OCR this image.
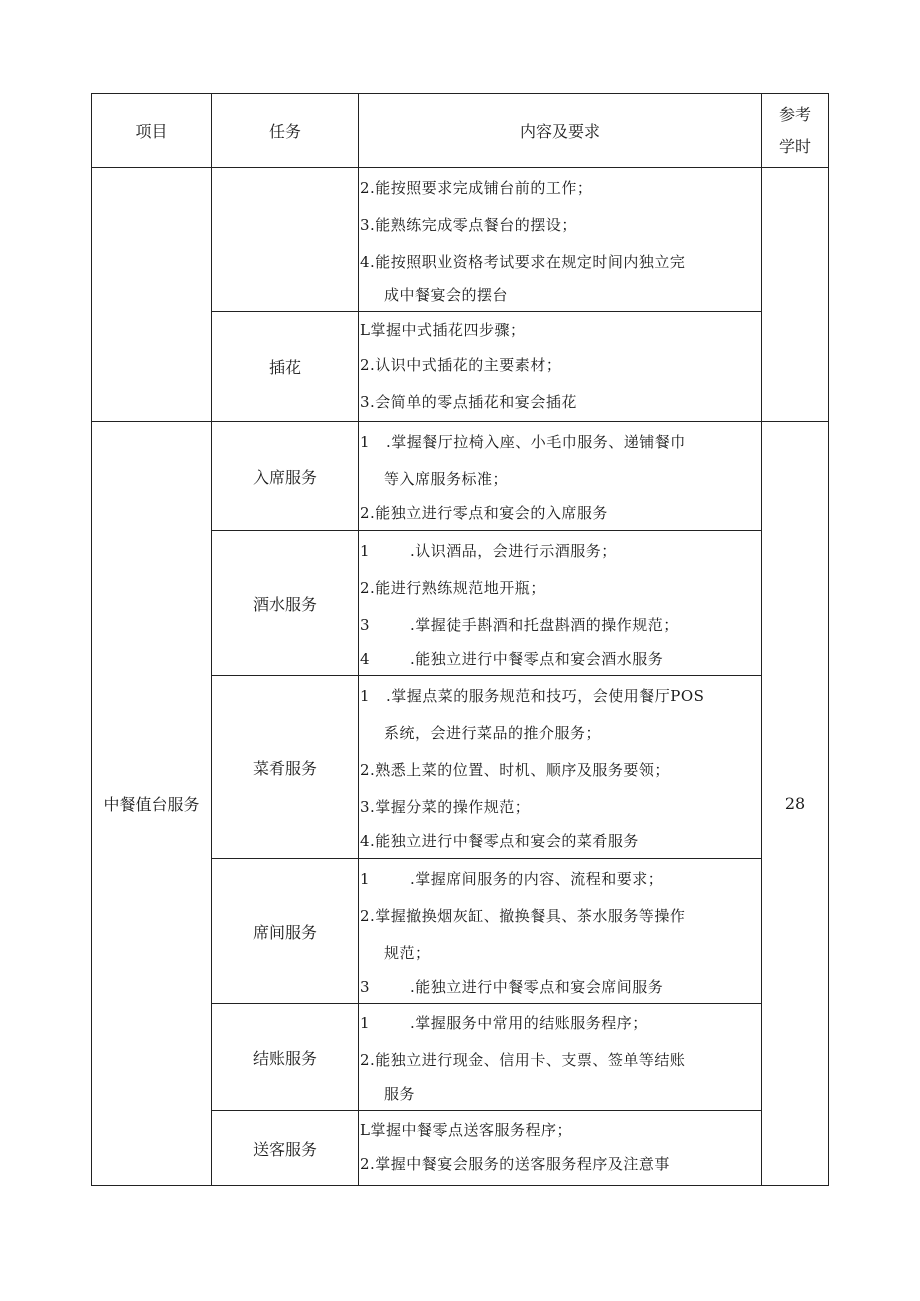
项目	任务	内容及要求	参考
学时

		2.能按照要求完成铺台前的工作；
3.能熟练完成零点餐台的摆设；
4.能按照职业资格考试要求在规定时间内独立完
成中餐宴会的摆台	

	插花	L掌握中式插花四步骤；
2.认识中式插花的主要素材；
3.会简单的零点插花和宴会插花	

中餐值台服务	入席服务	1 .掌握餐厅拉椅入座、小毛巾服务、递铺餐巾
等入席服务标准；
2.能独立进行零点和宴会的入席服务	28
	酒水服务	1 .认识酒品，会进行示酒服务；
2.能进行熟练规范地开瓶；
3 .掌握徒手斟酒和托盘斟酒的操作规范；
4 .能独立进行中餐零点和宴会酒水服务	

	菜肴服务	1 .掌握点菜的服务规范和技巧，会使用餐厅POS
系统，会进行菜品的推介服务；
2.熟悉上菜的位置、时机、顺序及服务要领；
3.掌握分菜的操作规范；
4.能独立进行中餐零点和宴会的菜肴服务	

	席间服务	1 .掌握席间服务的内容、流程和要求；
2.掌握撤换烟灰缸、撤换餐具、茶水服务等操作
规范；
3 .能独立进行中餐零点和宴会席间服务	

	结账服务	1 .掌握服务中常用的结账服务程序；
2.能独立进行现金、信用卡、支票、签单等结账
服务	

	送客服务	L掌握中餐零点送客服务程序；
2.掌握中餐宴会服务的送客服务程序及注意事	
